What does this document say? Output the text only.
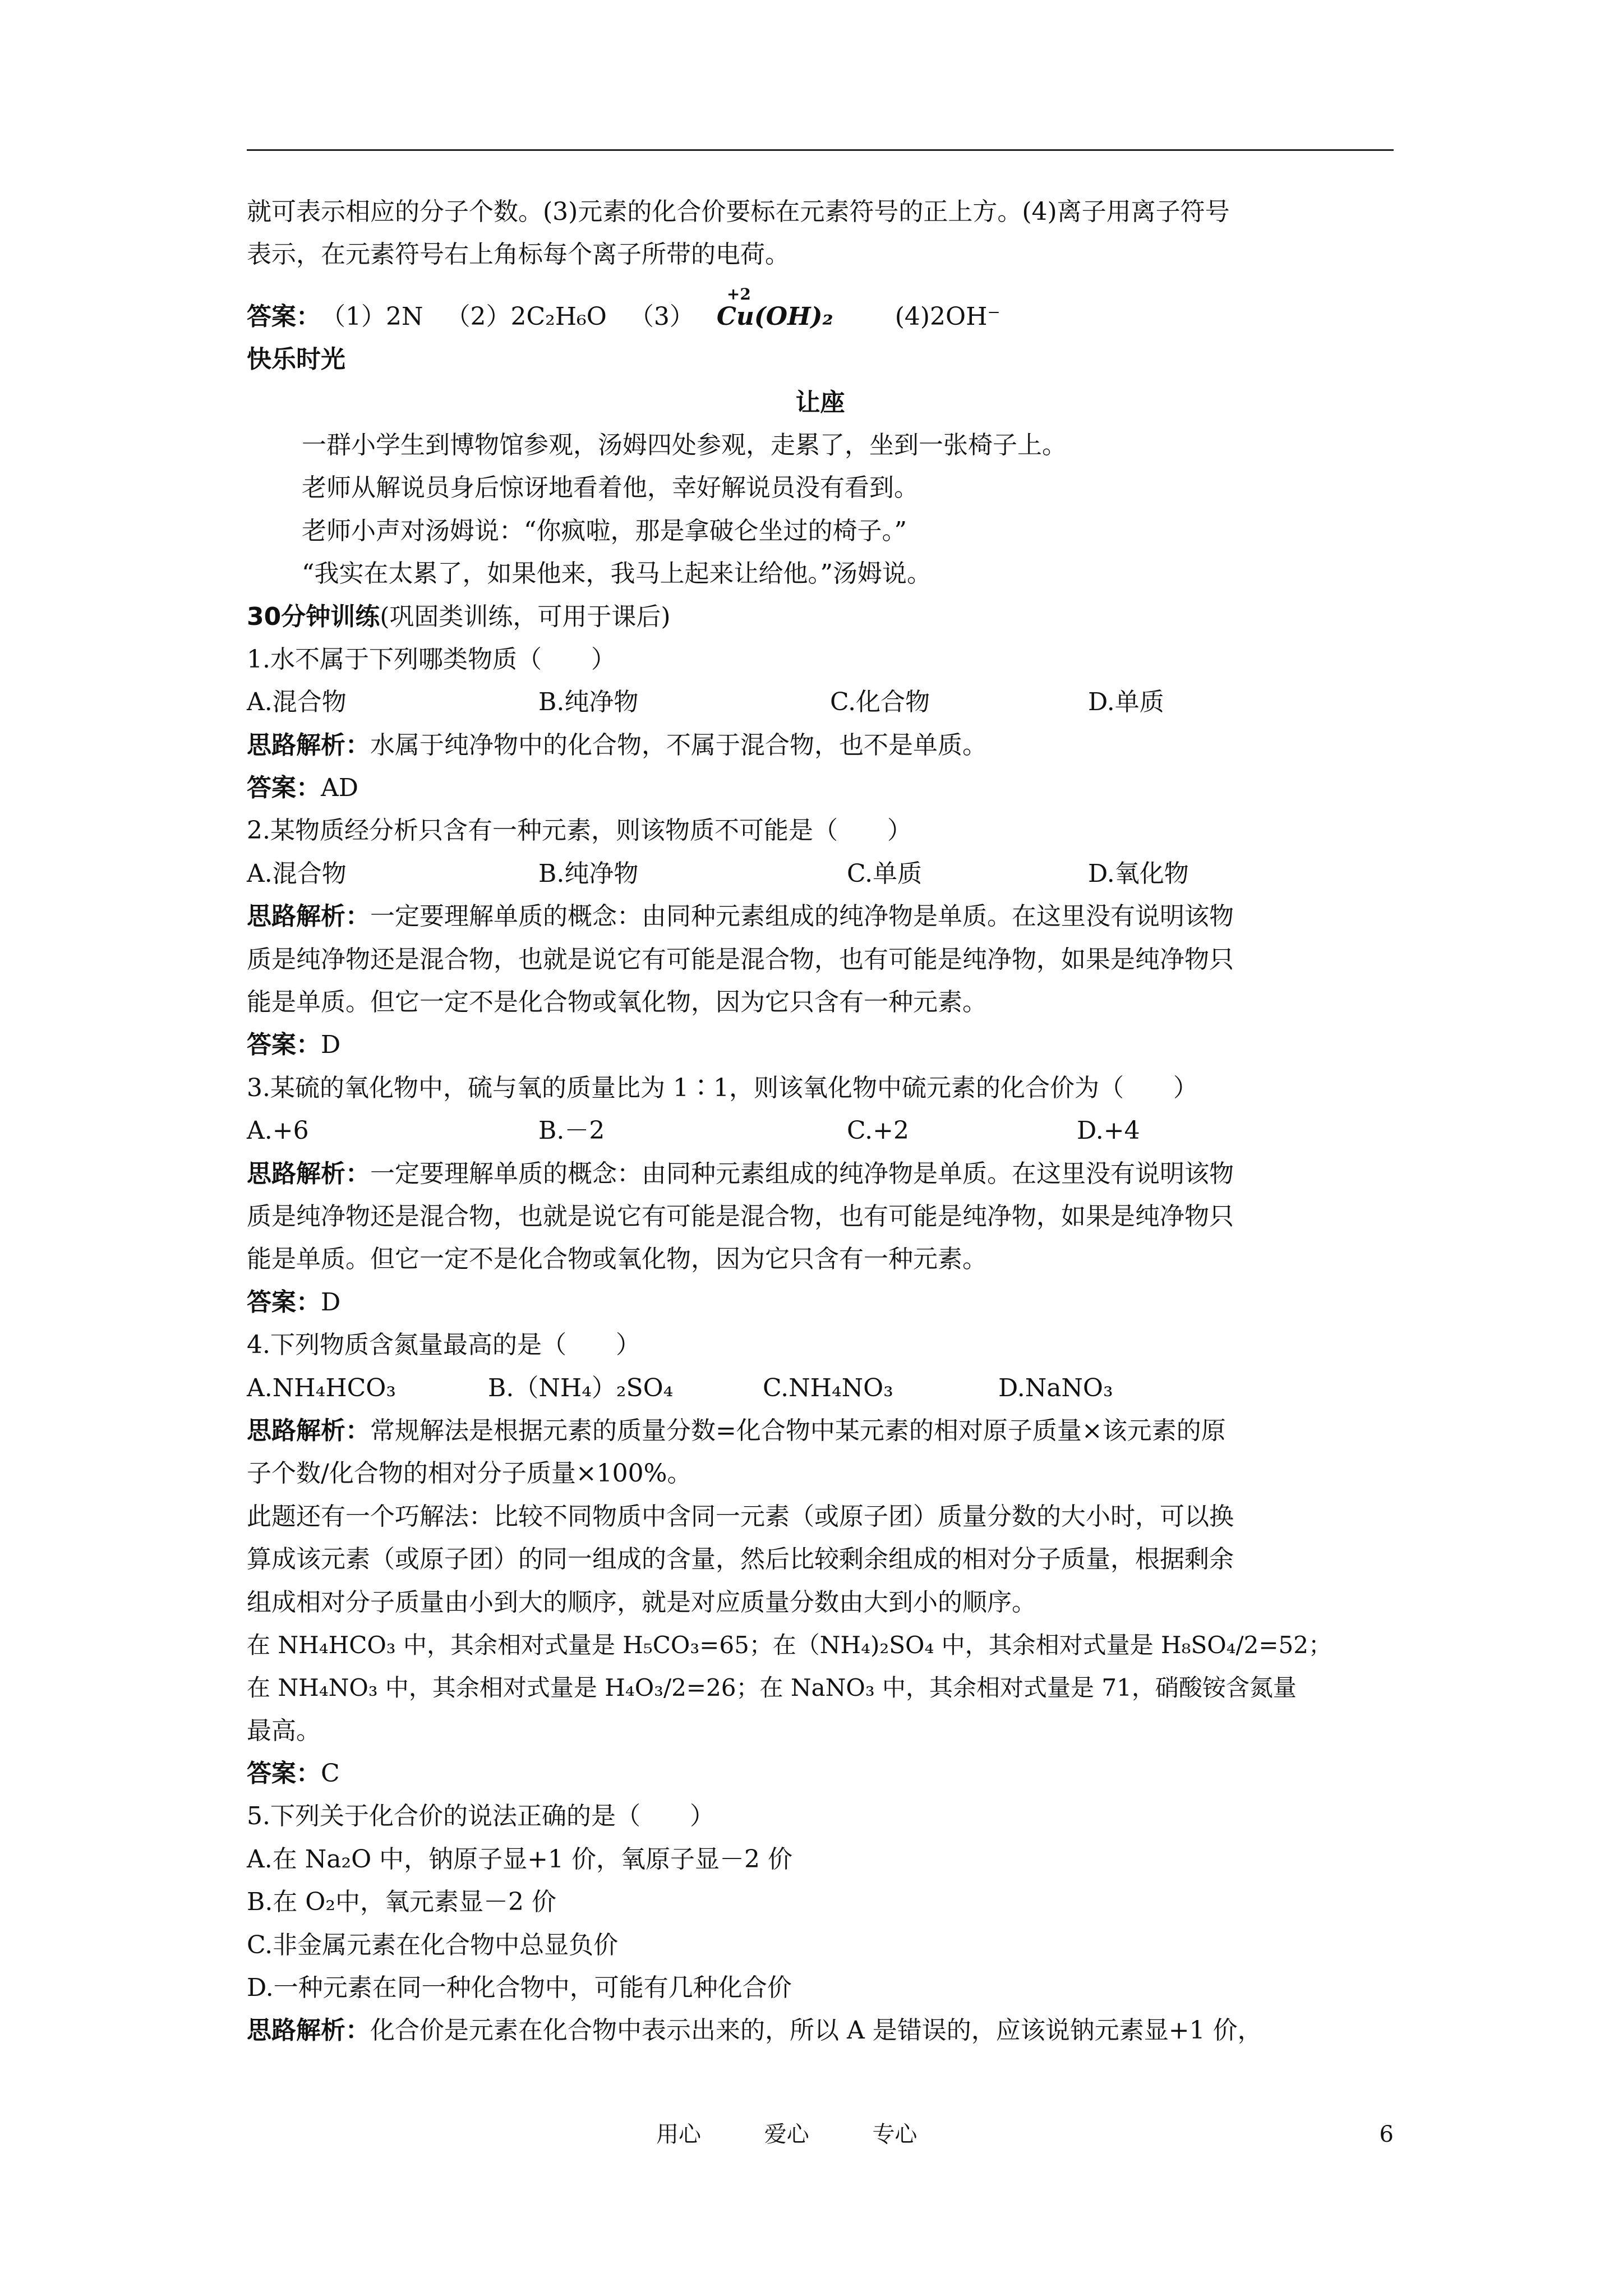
就可表示相应的分子个数。(3)元素的化合价要标在元素符号的正上方。(4)离子用离子符号
表示，在元素符号右上角标每个离子所带的电荷。
答案：（1）2N （2）2C₂H₆O （3）
+2
Cu(OH)₂	(4)2OH⁻
快乐时光
让座
一群小学生到博物馆参观，汤姆四处参观，走累了，坐到一张椅子上。
老师从解说员身后惊讶地看着他，幸好解说员没有看到。
老师小声对汤姆说：“你疯啦，那是拿破仑坐过的椅子。”
“我实在太累了，如果他来，我马上起来让给他。”汤姆说。
30分钟训练(巩固类训练，可用于课后)
1.水不属于下列哪类物质（　　）
A.混合物	B.纯净物	C.化合物	D.单质
思路解析：水属于纯净物中的化合物，不属于混合物，也不是单质。
答案：AD
2.某物质经分析只含有一种元素，则该物质不可能是（　　）
A.混合物	B.纯净物	C.单质	D.氧化物
思路解析：一定要理解单质的概念：由同种元素组成的纯净物是单质。在这里没有说明该物
质是纯净物还是混合物，也就是说它有可能是混合物，也有可能是纯净物，如果是纯净物只
能是单质。但它一定不是化合物或氧化物，因为它只含有一种元素。
答案：D
3.某硫的氧化物中，硫与氧的质量比为 1∶1，则该氧化物中硫元素的化合价为（　　）
A.+6	B.－2	C.+2	D.+4
思路解析：一定要理解单质的概念：由同种元素组成的纯净物是单质。在这里没有说明该物
质是纯净物还是混合物，也就是说它有可能是混合物，也有可能是纯净物，如果是纯净物只
能是单质。但它一定不是化合物或氧化物，因为它只含有一种元素。
答案：D
4.下列物质含氮量最高的是（　　）
A.NH₄HCO₃	B.（NH₄）₂SO₄	C.NH₄NO₃	D.NaNO₃
思路解析：常规解法是根据元素的质量分数=化合物中某元素的相对原子质量×该元素的原
子个数/化合物的相对分子质量×100%。
此题还有一个巧解法：比较不同物质中含同一元素（或原子团）质量分数的大小时，可以换
算成该元素（或原子团）的同一组成的含量，然后比较剩余组成的相对分子质量，根据剩余
组成相对分子质量由小到大的顺序，就是对应质量分数由大到小的顺序。
在 NH₄HCO₃ 中，其余相对式量是 H₅CO₃=65；在（NH₄)₂SO₄ 中，其余相对式量是 H₈SO₄/2=52；
在 NH₄NO₃ 中，其余相对式量是 H₄O₃/2=26；在 NaNO₃ 中，其余相对式量是 71，硝酸铵含氮量
最高。
答案：C
5.下列关于化合价的说法正确的是（　　）
A.在 Na₂O 中，钠原子显+1 价，氧原子显－2 价
B.在 O₂中，氧元素显－2 价
C.非金属元素在化合物中总显负价
D.一种元素在同一种化合物中，可能有几种化合价
思路解析：化合价是元素在化合物中表示出来的，所以 A 是错误的，应该说钠元素显+1 价，
用心	爱心	专心	6
